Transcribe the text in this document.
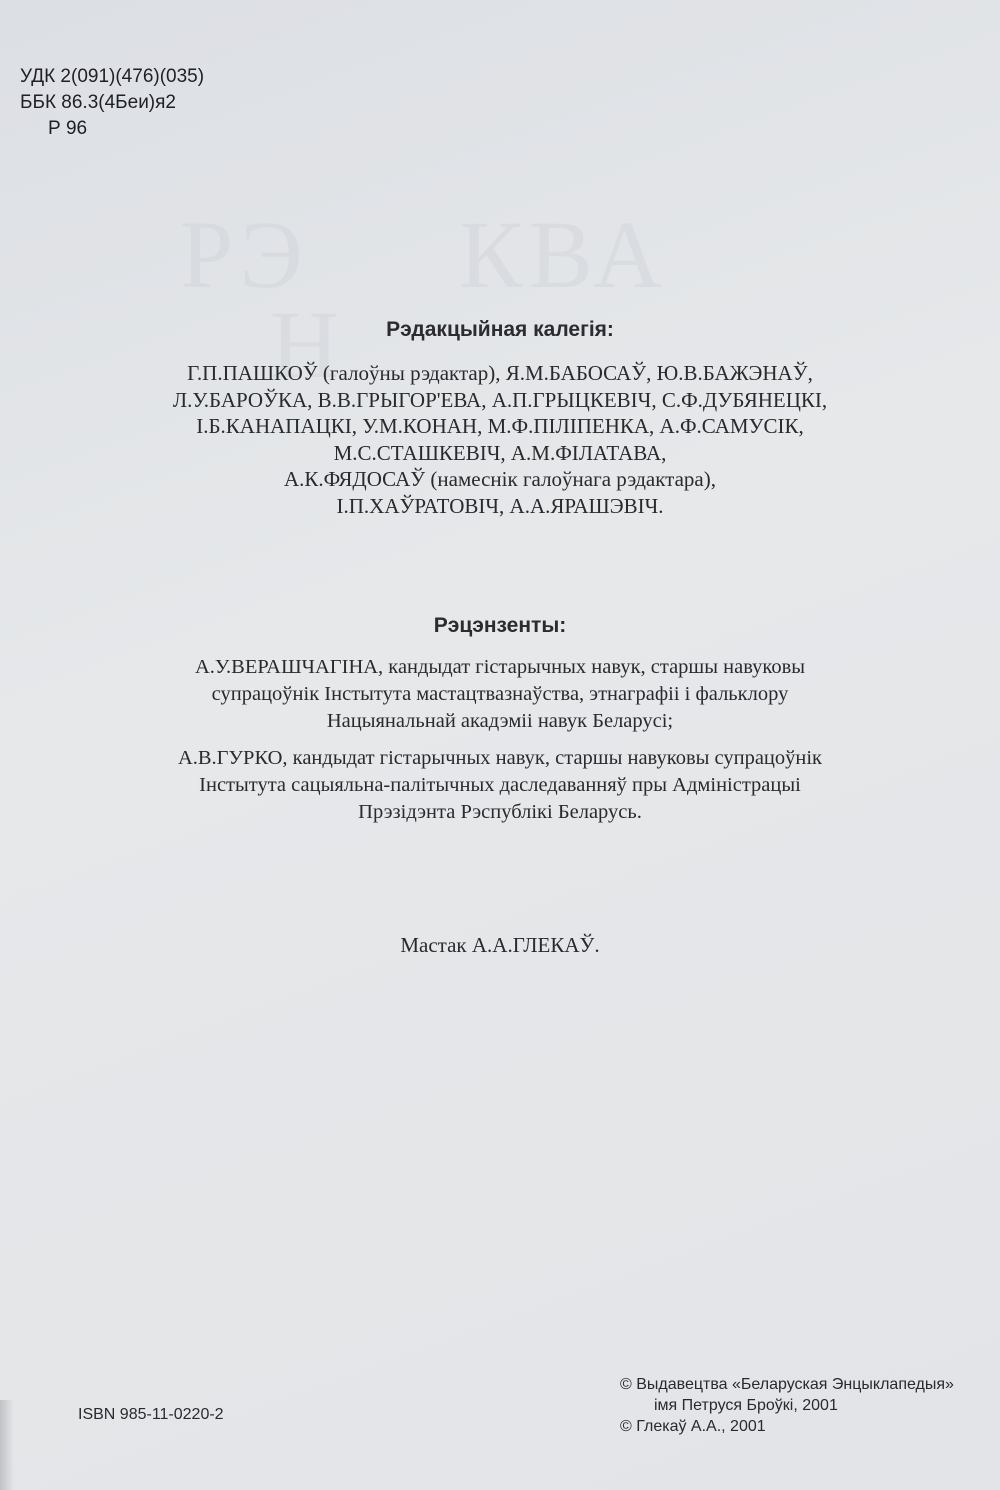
РЭ     КВА
Н
УДК 2(091)(476)(035)
ББК 86.3(4Беи)я2
Р 96
Рэдакцыйная калегія:
Г.П.ПАШКОЎ (галоўны рэдактар), Я.М.БАБОСАЎ, Ю.В.БАЖЭНАЎ,
Л.У.БАРОЎКА, В.В.ГРЫГОР'ЕВА, А.П.ГРЫЦКЕВІЧ, С.Ф.ДУБЯНЕЦКІ,
І.Б.КАНАПАЦКІ, У.М.КОНАН, М.Ф.ПІЛІПЕНКА, А.Ф.САМУСІК,
М.С.СТАШКЕВІЧ, А.М.ФІЛАТАВА,
А.К.ФЯДОСАЎ (намеснік галоўнага рэдактара),
І.П.ХАЎРАТОВІЧ, А.А.ЯРАШЭВІЧ.
Рэцэнзенты:
А.У.ВЕРАШЧАГІНА, кандыдат гістарычных навук, старшы навуковы
супрацоўнік Інстытута мастацтвазнаўства, этнаграфіі і фальклору
Нацыянальнай акадэміі навук Беларусі;
А.В.ГУРКО, кандыдат гістарычных навук, старшы навуковы супрацоўнік
Інстытута сацыяльна-палітычных даследаванняў пры Адміністрацыі
Прэзідэнта Рэспублікі Беларусь.
Мастак А.А.ГЛЕКАЎ.
ISBN 985-11-0220-2
© Выдавецтва «Беларуская Энцыклапедыя»
імя Петруся Броўкі, 2001
© Глекаў А.А., 2001
